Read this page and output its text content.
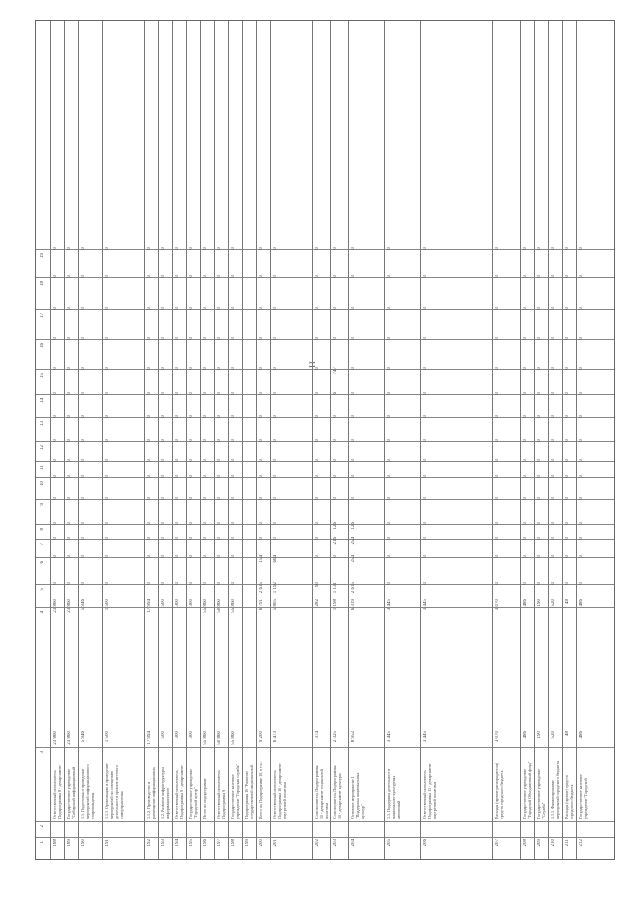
11
1
2
3
4
5
6
7
8
9
10
11
12
13
14
15
16
17
18
19
188
Ответственный исполнитель Подпрограммы 8 - департамент
23 860
23 860
0
0
0
0
0
0
0
0
0
0
0
0
0
0
0
189
Государственное учреждение "Сибирский информационный
23 860
23 860
0
0
0
0
0
0
0
0
0
0
0
0
0
0
0
190
1.1. Подготовка и проведение мероприятий информационного сопровождения
5 946
5 946
0
0
0
0
0
0
0
0
0
0
0
0
0
0
0
191
1.1.1. Организация и проведение мероприятий по освещению деятельности органов местного самоуправления
1 500
1 500
0
0
0
0
0
0
0
0
0
0
0
0
0
0
0
192
1.1.2. Производство и размещение информационных
17 994
17 994
0
0
0
0
0
0
0
0
0
0
0
0
0
0
0
193
1.2. Развитие инфраструктуры информационного
500
500
0
0
0
0
0
0
0
0
0
0
0
0
0
0
0
194
Ответственный исполнитель Подпрограммы 9 - департамент
300
300
0
0
0
0
0
0
0
0
0
0
0
0
0
0
0
195
Государственное учреждение "Городской центр"
300
300
0
0
0
0
0
0
0
0
0
0
0
0
0
0
0
196
Итого по подпрограмме
55 860
55 860
0
0
0
0
0
0
0
0
0
0
0
0
0
0
0
197
Ответственный исполнитель Подпрограммы 9
50 860
50 860
0
0
0
0
0
0
0
0
0
0
0
0
0
0
0
198
Государственное казенное учреждение "Городская служба"
55 860
55 860
0
0
0
0
0
0
0
0
0
0
0
0
0
0
0
199
Подпрограмма 10 "Развитие государственной национальной
200
Всего по Подпрограмме 10, в т.ч.:
9 200
6 791
2 615
154
0
0
0
0
0
0
0
0
0
0
0
0
0
201
Ответственный исполнитель Подпрограммы 10 - департамент внутренней политики
6 473
5 805
1 192
664
0
0
0
0
0
0
0
0
0
0
0
0
0
202
Соисполнитель Подпрограммы 10 - департамент социальной политики
374
282
90
0
0
0
0
0
0
0
0
0
0
0
0
0
0
203
Соисполнитель Подпрограммы 10 - департамент культуры
2 325
1 198
1 131
0
216
126
0
0
0
0
0
6
747
0
0
0
0
204
Основное мероприятие 1 "Поддержка национальных культур"
8 952
6 319
2 615
254
254
126
0
0
0
0
0
0
0
0
0
0
0
205
1.1. Поддержка деятельности национально-культурных автономий
3 445
3 445
0
0
0
0
0
0
0
0
0
0
0
0
0
0
0
206
Ответственный исполнитель Подпрограммы 11 - департамент внутренней политики
3 445
3 445
0
0
0
0
0
0
0
0
0
0
0
0
0
0
0
207
Расходы (прочие распорядители) средств городского бюджета
3 070
3 070
0
0
0
0
0
0
0
0
0
0
0
0
0
0
0
208
Государственное учреждение "Городской Объединенный фонд"
486
486
0
0
0
0
0
0
0
0
0
0
0
0
0
0
0
209
Государственное учреждение "Служба"
190
190
0
0
0
0
0
0
0
0
0
0
0
0
0
0
0
210
1.1.1. Финансирование мероприятий городского бюджета
520
520
0
0
0
0
0
0
0
0
0
0
0
0
0
0
0
211
Расходы (прочие) средств городского бюджета
48
48
0
0
0
0
0
0
0
0
0
0
0
0
0
0
0
212
Государственное казенное учреждение "Городской
486
486
0
0
0
0
0
0
0
0
0
0
0
0
0
0
0
